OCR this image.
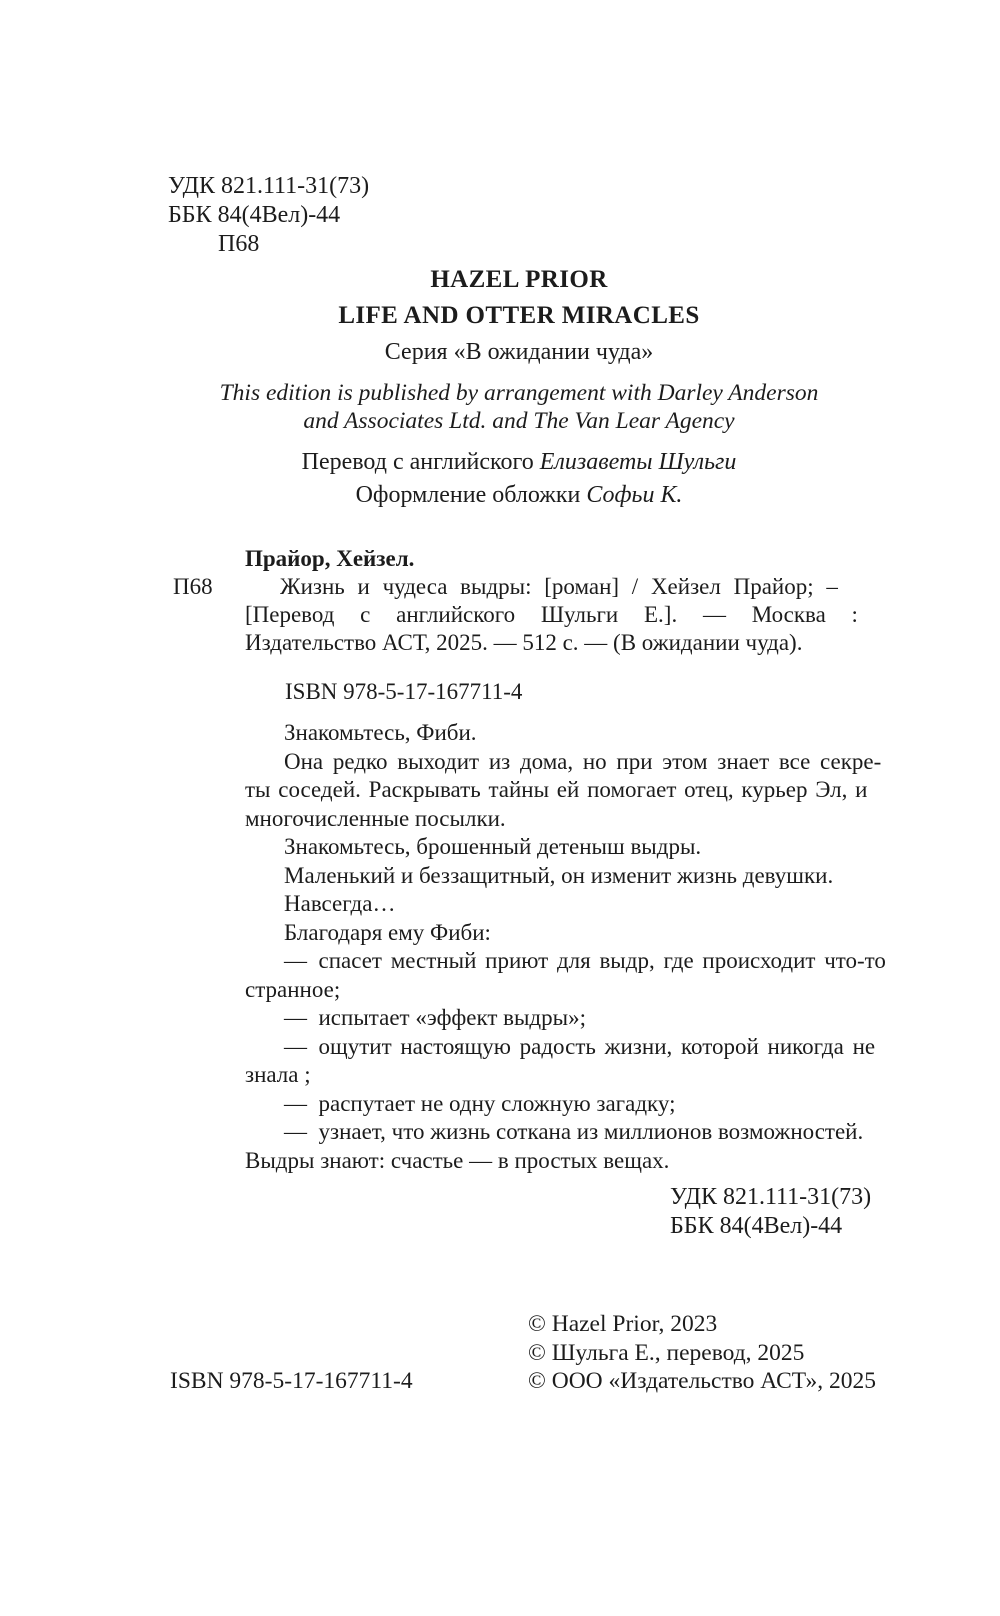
УДК 821.111-31(73)
ББК 84(4Вел)-44
П68
HAZEL PRIOR
LIFE AND OTTER MIRACLES
Серия «В ожидании чуда»
This edition is published by arrangement with Darley Anderson
and Associates Ltd. and The Van Lear Agency
Перевод с английского Елизаветы Шульги
Оформление обложки Софьи К.
П68
Прайор, Хейзел.
Жизнь и чудеса выдры: [роман] / Хейзел Прайор; –
[Перевод с английского Шульги Е.]. — Москва :
Издательство АСТ, 2025. — 512 с. — (В ожидании чуда).
ISBN 978-5-17-167711-4
Знакомьтесь, Фиби.
Она редко выходит из дома, но при этом знает все секре-
ты соседей. Раскрывать тайны ей помогает отец, курьер Эл, и
многочисленные посылки.
Знакомьтесь, брошенный детеныш выдры.
Маленький и беззащитный, он изменит жизнь девушки.
Навсегда…
Благодаря ему Фиби:
— спасет местный приют для выдр, где происходит что-то
странное;
— испытает «эффект выдры»;
— ощутит настоящую радость жизни, которой никогда не
знала ;
— распутает не одну сложную загадку;
— узнает, что жизнь соткана из миллионов возможностей.
Выдры знают: счастье — в простых вещах.
УДК 821.111-31(73)
ББК 84(4Вел)-44
ISBN 978-5-17-167711-4
© Hazel Prior, 2023
© Шульга Е., перевод, 2025
© ООО «Издательство АСТ», 2025
